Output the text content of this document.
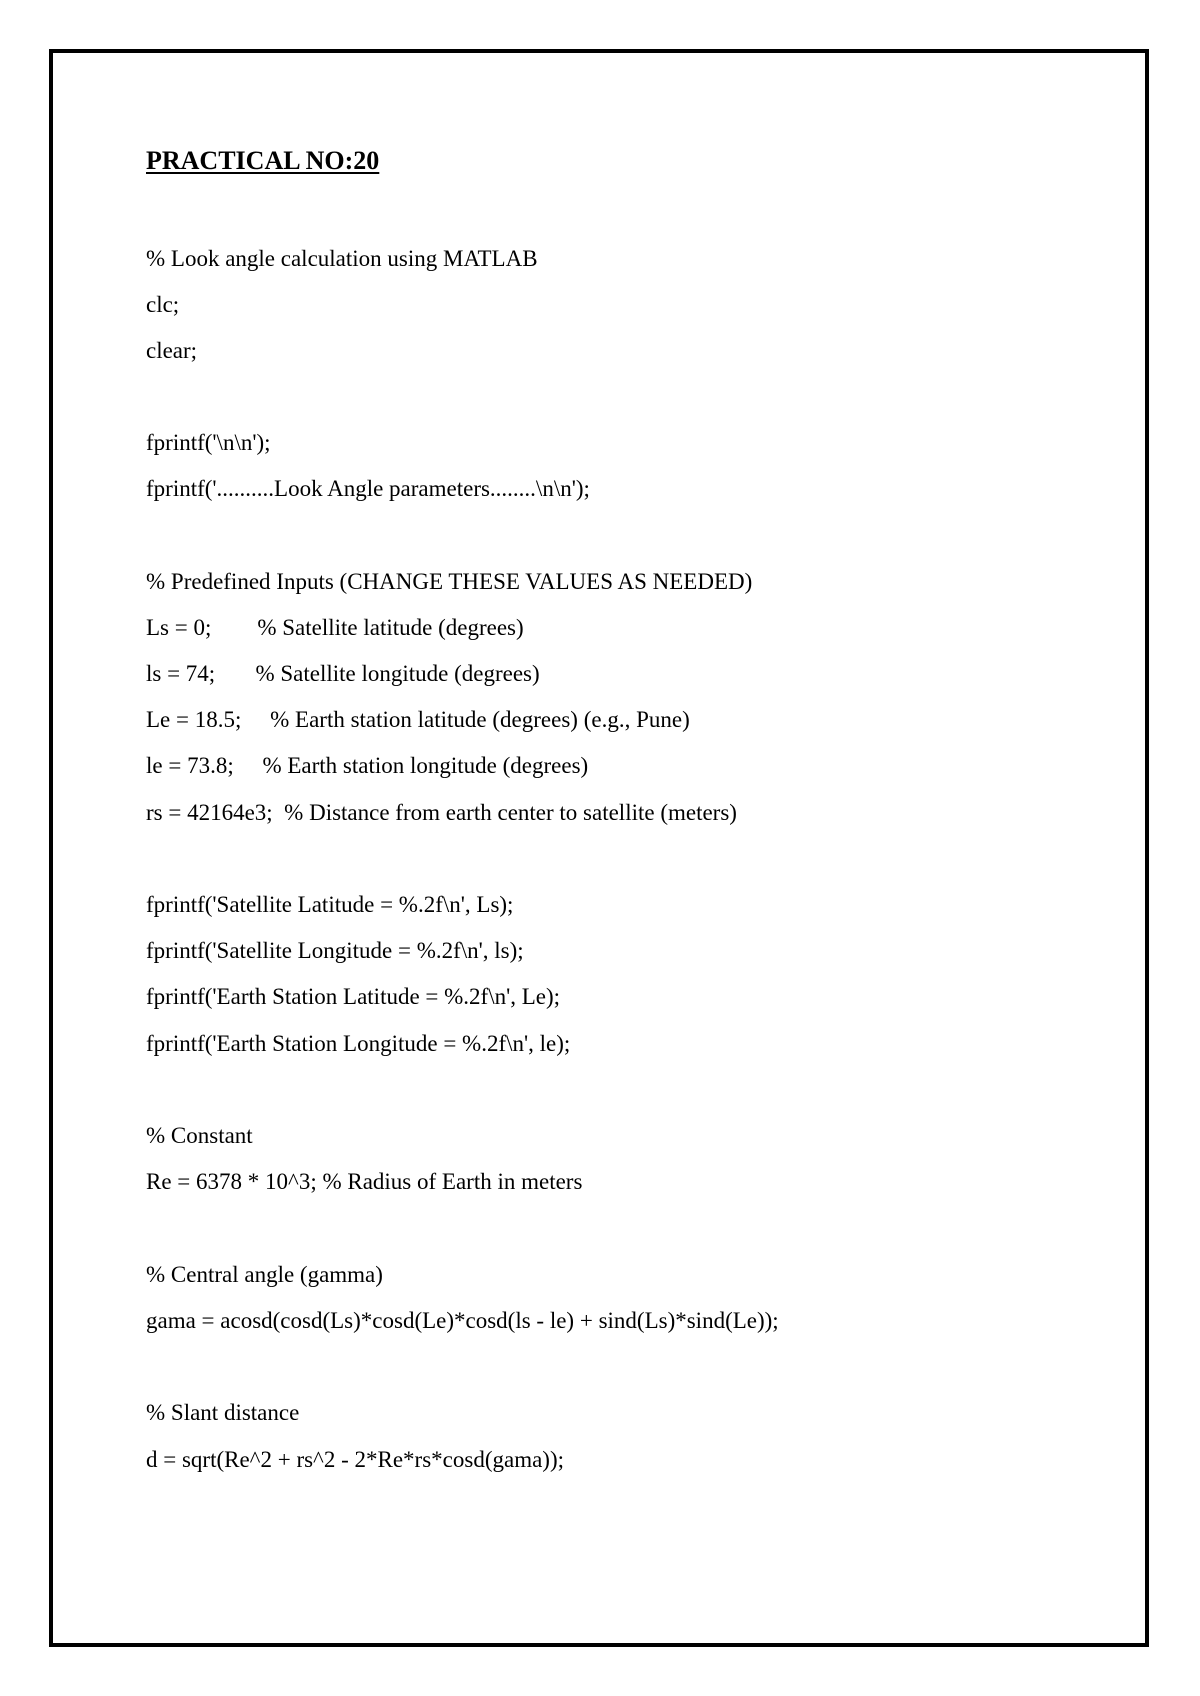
PRACTICAL NO:20
% Look angle calculation using MATLAB
clc;
clear;
fprintf('\n\n');
fprintf('..........Look Angle parameters........\n\n');
% Predefined Inputs (CHANGE THESE VALUES AS NEEDED)
Ls = 0;        % Satellite latitude (degrees)
ls = 74;       % Satellite longitude (degrees)
Le = 18.5;     % Earth station latitude (degrees) (e.g., Pune)
le = 73.8;     % Earth station longitude (degrees)
rs = 42164e3;  % Distance from earth center to satellite (meters)
fprintf('Satellite Latitude = %.2f\n', Ls);
fprintf('Satellite Longitude = %.2f\n', ls);
fprintf('Earth Station Latitude = %.2f\n', Le);
fprintf('Earth Station Longitude = %.2f\n', le);
% Constant
Re = 6378 * 10^3; % Radius of Earth in meters
% Central angle (gamma)
gama = acosd(cosd(Ls)*cosd(Le)*cosd(ls - le) + sind(Ls)*sind(Le));
% Slant distance
d = sqrt(Re^2 + rs^2 - 2*Re*rs*cosd(gama));
